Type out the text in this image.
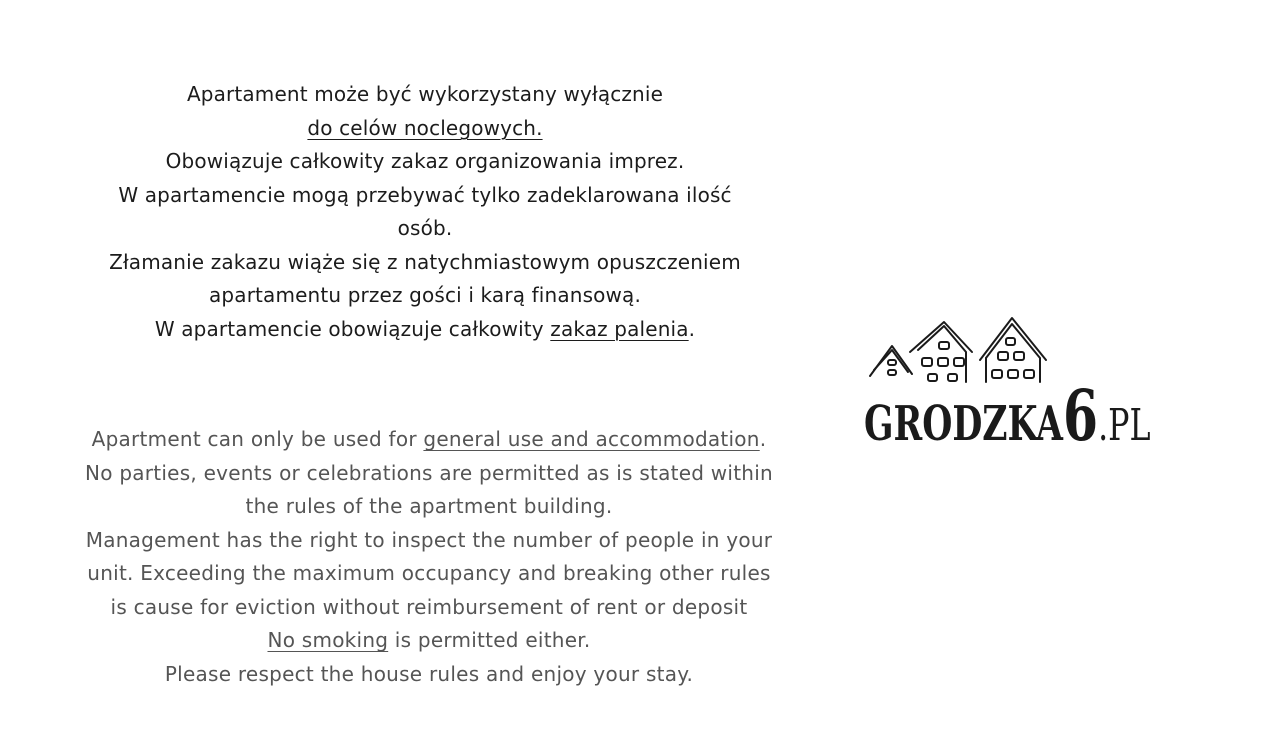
Apartament może być wykorzystany wyłącznie
do celów noclegowych.
Obowiązuje całkowity zakaz organizowania imprez.
W apartamencie mogą przebywać tylko zadeklarowana ilość
osób.
Złamanie zakazu wiąże się z natychmiastowym opuszczeniem
apartamentu przez gości i karą finansową.
W apartamencie obowiązuje całkowity zakaz palenia.
Apartment can only be used for general use and accommodation.
No parties, events or celebrations are permitted as is stated within
the rules of the apartment building.
Management has the right to inspect the number of people in your
unit. Exceeding the maximum occupancy and breaking other rules
is cause for eviction without reimbursement of rent or deposit
No smoking is permitted either.
Please respect the house rules and enjoy your stay.
GRODZKA6.PL
